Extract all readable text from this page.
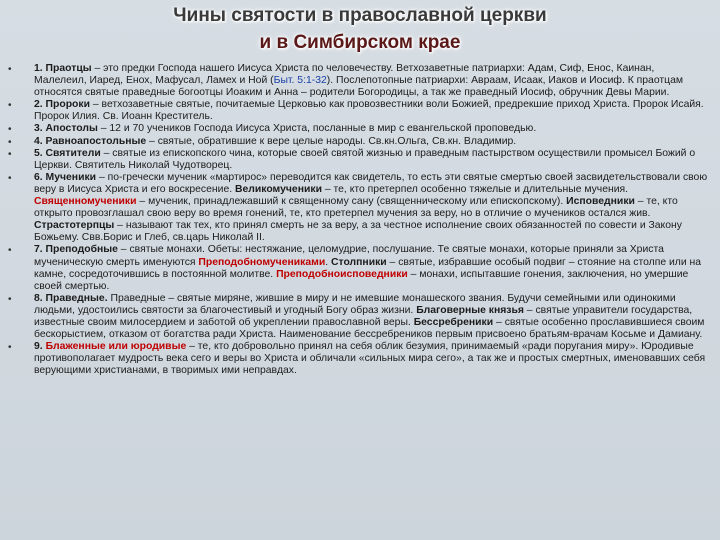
Чины святости в православной церкви
и в Симбирском крае
• 1. Праотцы – это предки Господа нашего Иисуса Христа по человечеству. Ветхозаветные патриархи: Адам, Сиф, Енос, Каинан, Малелеил, Иаред, Енох, Мафусал, Ламех и Ной (Быт. 5:1-32). Послепотопные патриархи: Авраам, Исаак, Иаков и Иосиф. К праотцам относятся святые праведные богоотцы Иоаким и Анна – родители Богородицы, а так же праведный Иосиф, обручник Девы Марии.
• 2. Пророки – ветхозаветные святые, почитаемые Церковью как провозвестники воли Божией, предрекшие приход Христа. Пророк Исайя. Пророк Илия. Св. Иоанн Креститель.
• 3. Апостолы – 12 и 70 учеников Господа Иисуса Христа, посланные в мир с евангельской проповедью.
• 4. Равноапостольные – святые, обратившие к вере целые народы. Св.кн.Ольга, Св.кн. Владимир.
• 5. Святители – святые из епископского чина, которые своей святой жизнью и праведным пастырством осуществили промысел Божий о Церкви. Святитель Николай Чудотворец.
• 6. Мученики – по-гречески мученик «мартирос» переводится как свидетель, то есть эти святые смертью своей засвидетельствовали свою веру в Иисуса Христа и его воскресение. Великомученики – те, кто претерпел особенно тяжелые и длительные мучения. Священномученики – мученик, принадлежавший к священному сану (священническому или епископскому). Исповедники – те, кто открыто провозглашал свою веру во время гонений, те, кто претерпел мучения за веру, но в отличие о мучеников остался жив. Страстотерпцы – называют так тех, кто принял смерть не за веру, а за честное исполнение своих обязанностей по совести и Закону Божьему. Свв.Борис и Глеб, св.царь Николай II.
• 7. Преподобные – святые монахи. Обеты: нестяжание, целомудрие, послушание. Те святые монахи, которые приняли за Христа мученическую смерть именуются Преподобномучениками. Столпники – святые, избравшие особый подвиг – стояние на столпе или на камне, сосредоточившись в постоянной молитве. Преподобноисповедники – монахи, испытавшие гонения, заключения, но умершие своей смертью.
• 8. Праведные. Праведные – святые миряне, жившие в миру и не имевшие монашеского звания. Будучи семейными или одинокими людьми, удостоились святости за благочестивый и угодный Богу образ жизни. Благоверные князья – святые управители государства, известные своим милосердием и заботой об укреплении православной веры. Бессребреники – святые особенно прославившиеся своим бескорыстием, отказом от богатства ради Христа. Наименование бессребреников первым присвоено братьям-врачам Косьме и Дамиану.
• 9. Блаженные или юродивые – те, кто добровольно принял на себя облик безумия, принимаемый «ради поругания миру». Юродивые противополагает мудрость века сего и веры во Христа и обличали «сильных мира сего», а так же и простых смертных, именовавших себя верующими христианами, в творимых ими неправдах.
